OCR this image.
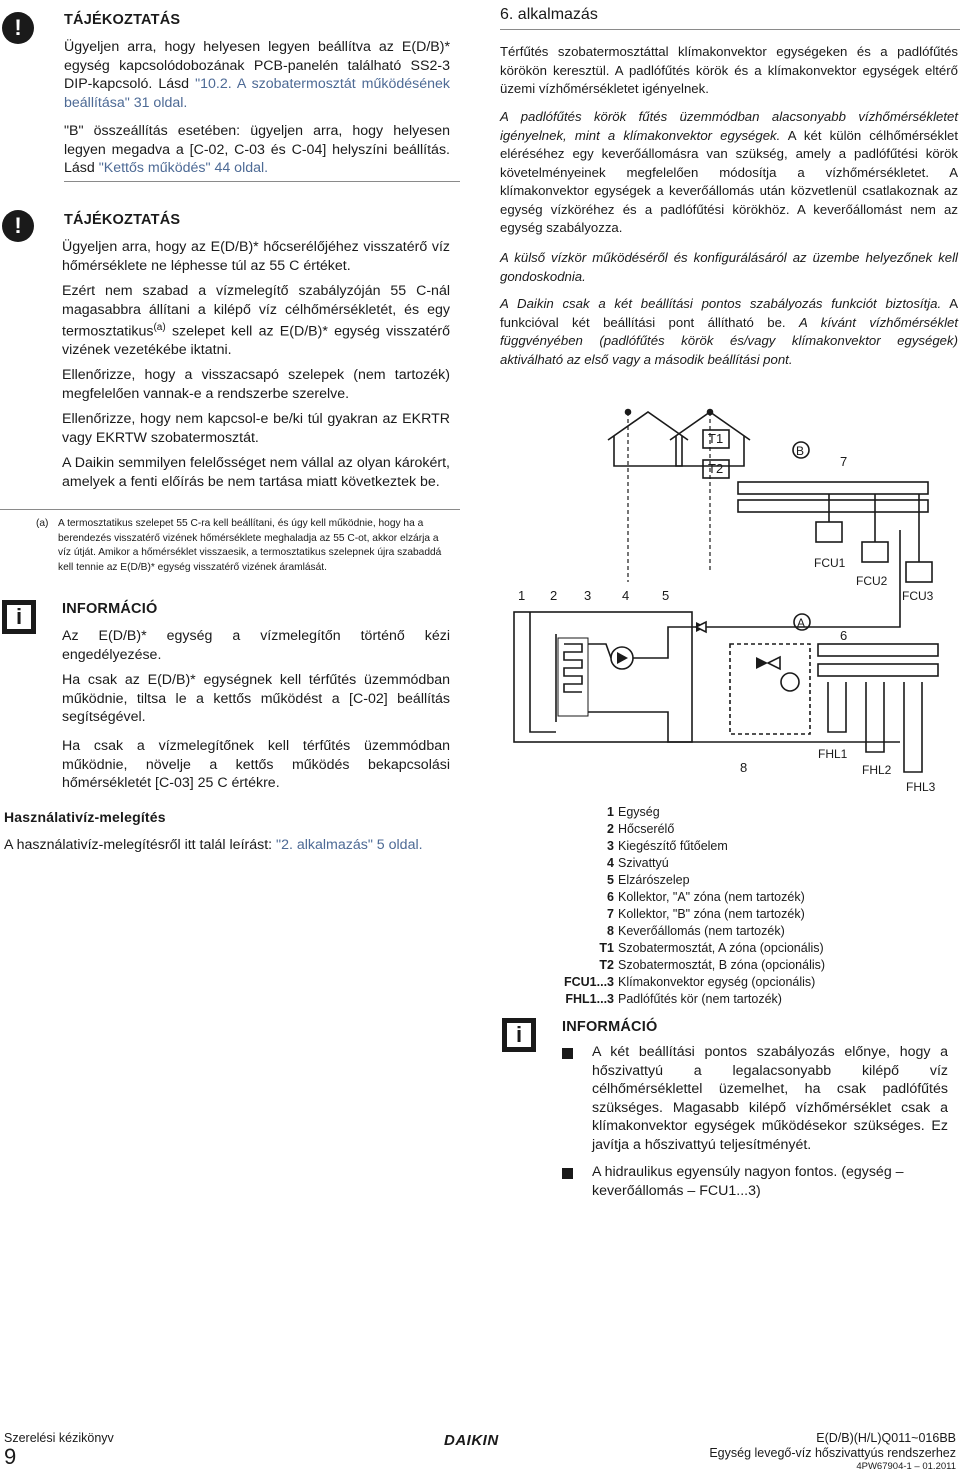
!	TÁJÉKOZTATÁS

Ügyeljen arra, hogy helyesen legyen beállítva az E(D/B)* egység kapcsolódobozának PCB-panelén található SS2-3 DIP-kapcsoló. Lásd "10.2. A szobatermosztát működésének beállítása" 31 oldal.

"B" összeállítás esetében: ügyeljen arra, hogy helyesen legyen megadva a [C-02, C-03 és C-04] helyszíni beállítás. Lásd "Kettős működés" 44 oldal.

!	TÁJÉKOZTATÁS

Ügyeljen arra, hogy az E(D/B)* hőcserélőjéhez visszatérő víz hőmérséklete ne léphesse túl az 55 C értéket.

Ezért nem szabad a vízmelegítő szabályzóján 55 C-nál magasabbra állítani a kilépő víz célhőmérsékletét, és egy termosztatikus$^{(a)}$ szelepet kell az E(D/B)* egység visszatérő vizének vezetékébe iktatni.

Ellenőrizze, hogy a visszacsapó szelepek (nem tartozék) megfelelően vannak-e a rendszerbe szerelve.

Ellenőrizze, hogy nem kapcsol-e be/ki túl gyakran az EKRTR vagy EKRTW szobatermosztát.

A Daikin semmilyen felelősséget nem vállal az olyan károkért, amelyek a fenti előírás be nem tartása miatt következtek be.

(a) A termosztatikus szelepet 55 C-ra kell beállítani, és úgy kell működnie, hogy ha a berendezés visszatérő vizének hőmérséklete meghaladja az 55 C-ot, akkor elzárja a víz útját. Amikor a hőmérséklet visszaesik, a termosztatikus szelepnek újra szabaddá kell tennie az E(D/B)* egység visszatérő vizének áramlását.

i	INFORMÁCIÓ

Az E(D/B)* egység a vízmelegítőn történő kézi engedélyezése.

Ha csak az E(D/B)* egységnek kell térfűtés üzemmódban működnie, tiltsa le a kettős működést a [C-02] beállítás segítségével.

Ha csak a vízmelegítőnek kell térfűtés üzemmódban működnie, növelje a kettős működés bekapcsolási hőmérsékletét [C-03] 25 C értékre.

Használativíz-melegítés

A használativíz-melegítésről itt talál leírást: "2. alkalmazás" 5 oldal.

6. alkalmazás

Térfűtés szobatermosztáttal klímakonvektor egységeken és a padlófűtés körökön keresztül. A padlófűtés körök és a klímakonvektor egységek eltérő üzemi vízhőmérsékletet igényelnek.

A padlófűtés körök fűtés üzemmódban alacsonyabb vízhőmérsékletet igényelnek, mint a klímakonvektor egységek. A két külön célhőmérséklet eléréséhez egy keverőállomásra van szükség, amely a padlófűtési körök követelményeinek megfelelően módosítja a vízhőmérsékletet. A klímakonvektor egységek a keverőállomás után közvetlenül csatlakoznak az egység vízköréhez és a padlófűtési körökhöz. A keverőállomást nem az egység szabályozza.

A külső vízkör működéséről és konfigurálásáról az üzembe helyezőnek kell gondoskodnia.

A Daikin csak a két beállítási pontos szabályozás funkciót biztosítja. A funkcióval két beállítási pont állítható be. A kívánt vízhőmérséklet függvényében (padlófűtés körök és/vagy klímakonvektor egységek) aktiválható az első vagy a második beállítási pont.

1 2 3 4	5
T1
T2
B
7
FCU1
FCU2
FCU3
A
6
8
FHL1
FHL2
FHL3
1 Egység
2 Hőcserélő
3 Kiegészítő fűtőelem
4 Szivattyú
5 Elzárószelep
6 Kollektor, "A" zóna (nem tartozék)
7 Kollektor, "B" zóna (nem tartozék)
8 Keverőállomás (nem tartozék)
T1 Szobatermosztát, A zóna (opcionális)
T2 Szobatermosztát, B zóna (opcionális)
FCU1...3 Klímakonvektor egység (opcionális)
FHL1...3 Padlófűtés kör (nem tartozék)
i	INFORMÁCIÓ

A két beállítási pontos szabályozás előnye, hogy a hőszivattyú a legalacsonyabb kilépő víz célhőmérséklettel üzemelhet, ha csak padlófűtés szükséges. Magasabb kilépő vízhőmérséklet csak a klímakonvektor egységek működésekor szükséges. Ez javítja a hőszivattyú teljesítményét.

A hidraulikus egyensúly nagyon fontos. (egység – keverőállomás – FCU1...3)

Szerelési kézikönyv
9
DAIKIN	E(D/B)(H/L)Q011~016BB
Egység levegő-víz hőszivattyús rendszerhez
4PW67904-1 – 01.2011
